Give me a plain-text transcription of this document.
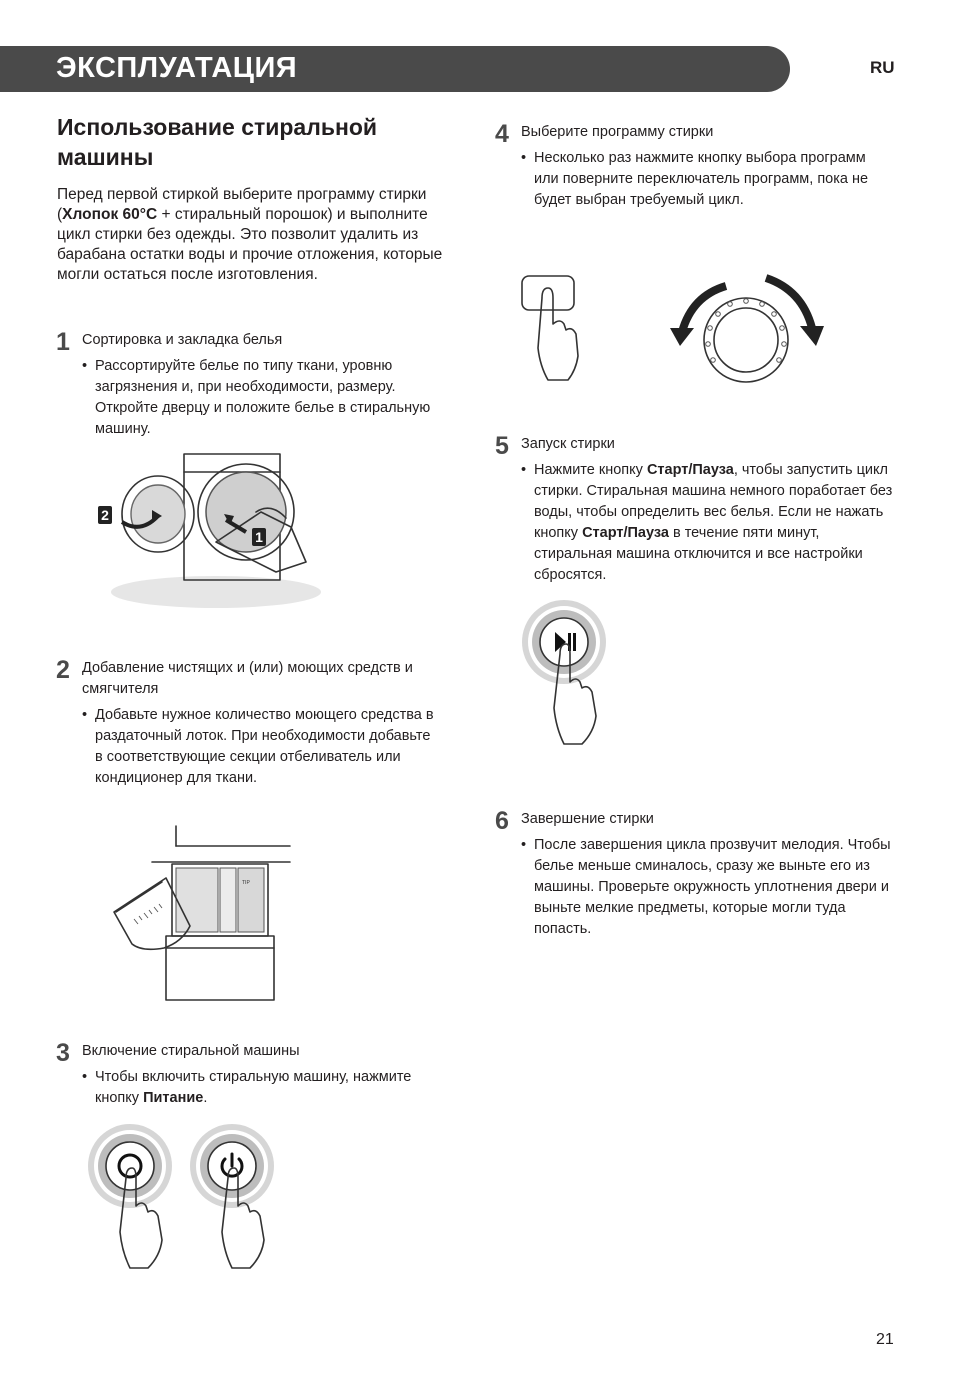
ЭКСПЛУАТАЦИЯ	RU
Использование стиральной машины
Перед первой стиркой выберите программу стирки (Хлопок 60°C + стиральный порошок) и выполните цикл стирки без одежды. Это позволит удалить из барабана остатки воды и прочие отложения, которые могли остаться после изготовления.
1 Сортировка и закладка белья
• Рассортируйте белье по типу ткани, уровню загрязнения и, при необходимости, размеру. Откройте дверцу и положите белье в стиральную машину.
2
1
2 Добавление чистящих и (или) моющих средств и смягчителя
• Добавьте нужное количество моющего средства в раздаточный лоток. При необходимости добавьте в соответствующие секции отбеливатель или кондиционер для ткани.
TIP
3 Включение стиральной машины
• Чтобы включить стиральную машину, нажмите кнопку Питание.
4 Выберите программу стирки
• Несколько раз нажмите кнопку выбора программ или поверните переключатель программ, пока не будет выбран требуемый цикл.
5 Запуск стирки
• Нажмите кнопку Старт/Пауза, чтобы запустить цикл стирки. Стиральная машина немного поработает без воды, чтобы определить вес белья. Если не нажать кнопку Старт/Пауза в течение пяти минут, стиральная машина отключится и все настройки сбросятся.
6 Завершение стирки
• После завершения цикла прозвучит мелодия. Чтобы белье меньше сминалось, сразу же выньте его из машины. Проверьте окружность уплотнения двери и выньте мелкие предметы, которые могли туда попасть.
21
